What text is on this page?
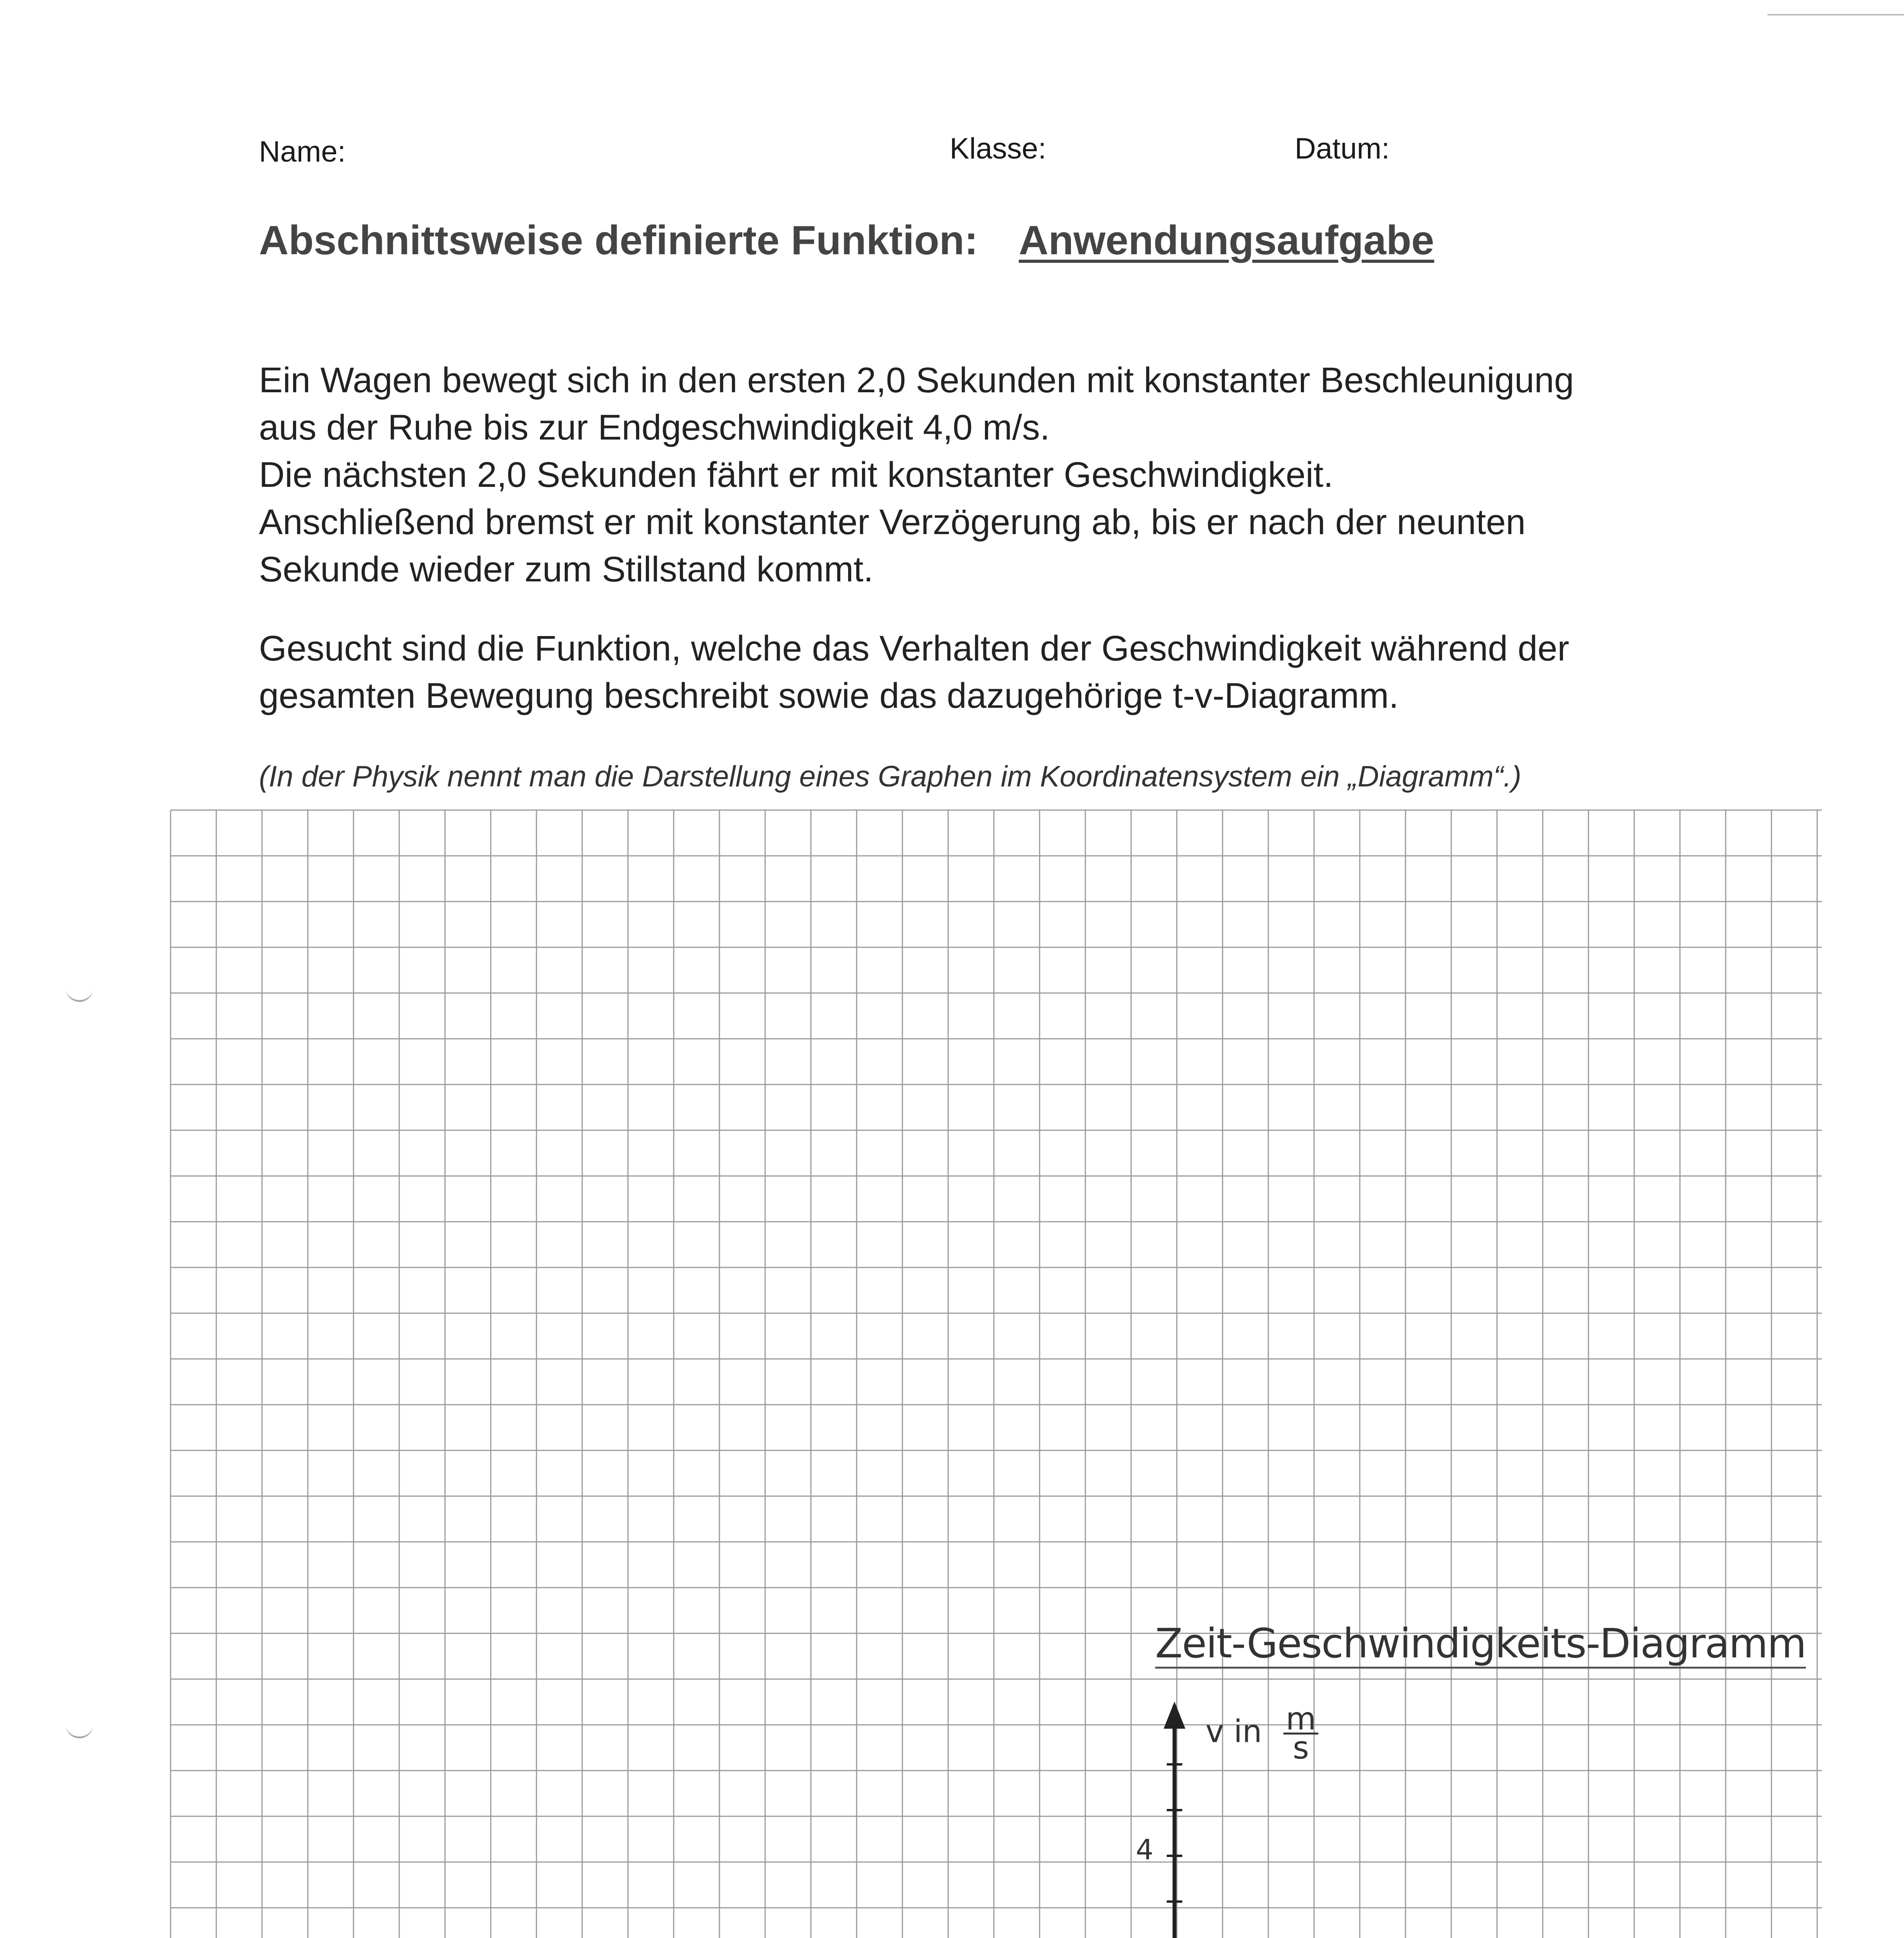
Name:	Klasse:	Datum:
Abschnittsweise definierte Funktion: Anwendungsaufgabe
Ein Wagen bewegt sich in den ersten 2,0 Sekunden mit konstanter Beschleunigung
aus der Ruhe bis zur Endgeschwindigkeit 4,0 m/s.
Die nächsten 2,0 Sekunden fährt er mit konstanter Geschwindigkeit.
Anschließend bremst er mit konstanter Verzögerung ab, bis er nach der neunten
Sekunde wieder zum Stillstand kommt.
Gesucht sind die Funktion, welche das Verhalten der Geschwindigkeit während der
gesamten Bewegung beschreibt sowie das dazugehörige t-v-Diagramm.
(In der Physik nennt man die Darstellung eines Graphen im Koordinatensystem ein „Diagramm“.)
Zeit-Geschwindigkeits-Diagramm
v in $\frac{m}{s}$
4
